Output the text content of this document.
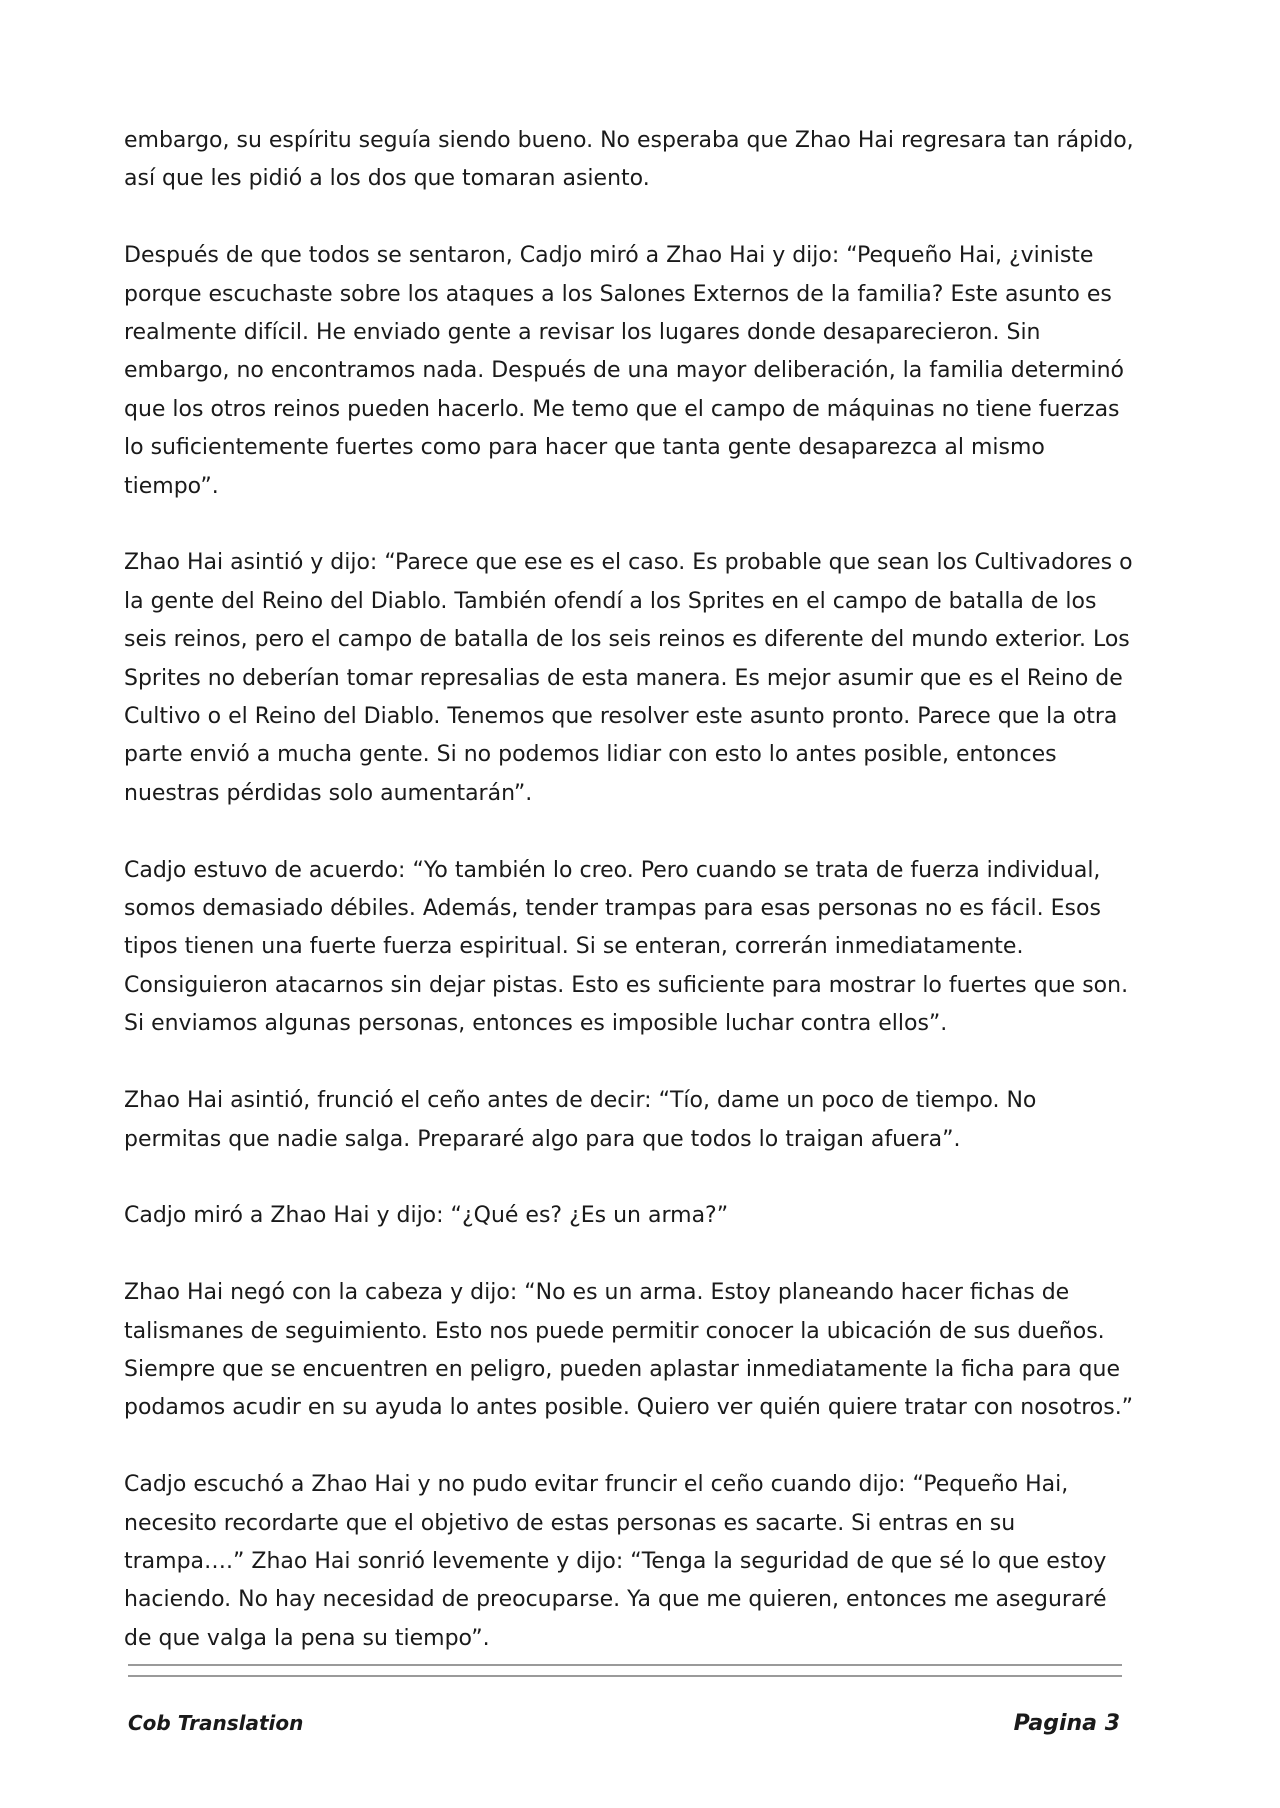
embargo, su espíritu seguía siendo bueno. No esperaba que Zhao Hai regresara tan rápido, así que les pidió a los dos que tomaran asiento.

Después de que todos se sentaron, Cadjo miró a Zhao Hai y dijo: “Pequeño Hai, ¿viniste porque escuchaste sobre los ataques a los Salones Externos de la familia? Este asunto es realmente difícil. He enviado gente a revisar los lugares donde desaparecieron. Sin embargo, no encontramos nada. Después de una mayor deliberación, la familia determinó que los otros reinos pueden hacerlo. Me temo que el campo de máquinas no tiene fuerzas lo suficientemente fuertes como para hacer que tanta gente desaparezca al mismo tiempo”.

Zhao Hai asintió y dijo: “Parece que ese es el caso. Es probable que sean los Cultivadores o la gente del Reino del Diablo. También ofendí a los Sprites en el campo de batalla de los seis reinos, pero el campo de batalla de los seis reinos es diferente del mundo exterior. Los Sprites no deberían tomar represalias de esta manera. Es mejor asumir que es el Reino de Cultivo o el Reino del Diablo. Tenemos que resolver este asunto pronto. Parece que la otra parte envió a mucha gente. Si no podemos lidiar con esto lo antes posible, entonces nuestras pérdidas solo aumentarán”.

Cadjo estuvo de acuerdo: “Yo también lo creo. Pero cuando se trata de fuerza individual, somos demasiado débiles. Además, tender trampas para esas personas no es fácil. Esos tipos tienen una fuerte fuerza espiritual. Si se enteran, correrán inmediatamente. Consiguieron atacarnos sin dejar pistas. Esto es suficiente para mostrar lo fuertes que son. Si enviamos algunas personas, entonces es imposible luchar contra ellos”.

Zhao Hai asintió, frunció el ceño antes de decir: “Tío, dame un poco de tiempo. No permitas que nadie salga. Prepararé algo para que todos lo traigan afuera”.

Cadjo miró a Zhao Hai y dijo: “¿Qué es? ¿Es un arma?”

Zhao Hai negó con la cabeza y dijo: “No es un arma. Estoy planeando hacer fichas de talismanes de seguimiento. Esto nos puede permitir conocer la ubicación de sus dueños. Siempre que se encuentren en peligro, pueden aplastar inmediatamente la ficha para que podamos acudir en su ayuda lo antes posible. Quiero ver quién quiere tratar con nosotros.”

Cadjo escuchó a Zhao Hai y no pudo evitar fruncir el ceño cuando dijo: “Pequeño Hai, necesito recordarte que el objetivo de estas personas es sacarte. Si entras en su trampa….” Zhao Hai sonrió levemente y dijo: “Tenga la seguridad de que sé lo que estoy haciendo. No hay necesidad de preocuparse. Ya que me quieren, entonces me aseguraré de que valga la pena su tiempo”.

Cob Translation	Pagina 3
